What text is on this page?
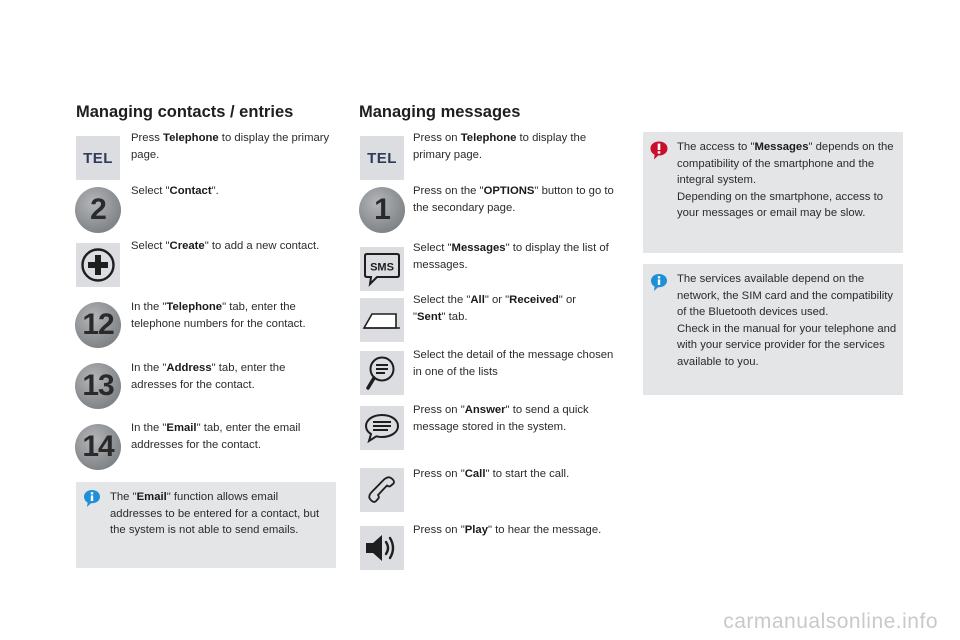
Managing contacts / entries
TEL
Press Telephone to display the primary page.
2
Select "Contact".
Select "Create" to add a new contact.
12
In the "Telephone" tab, enter the telephone numbers for the contact.
13
In the "Address" tab, enter the adresses for the contact.
14
In the "Email" tab, enter the email addresses for the contact.
The "Email" function allows email addresses to be entered for a contact, but the system is not able to send emails.
Managing messages
TEL
Press on Telephone to display the primary page.
1
Press on the "OPTIONS" button to go to the secondary page.
SMS
Select "Messages" to display the list of messages.
Select the "All" or "Received" or "Sent" tab.
Select the detail of the message chosen in one of the lists
Press on "Answer" to send a quick message stored in the system.
Press on "Call" to start the call.
Press on "Play" to hear the message.
The access to "Messages" depends on the compatibility of the smartphone and the integral system.
Depending on the smartphone, access to your messages or email may be slow.
The services available depend on the network, the SIM card and the compatibility of the Bluetooth devices used.
Check in the manual for your telephone and with your service provider for the services available to you.
carmanualsonline.info
